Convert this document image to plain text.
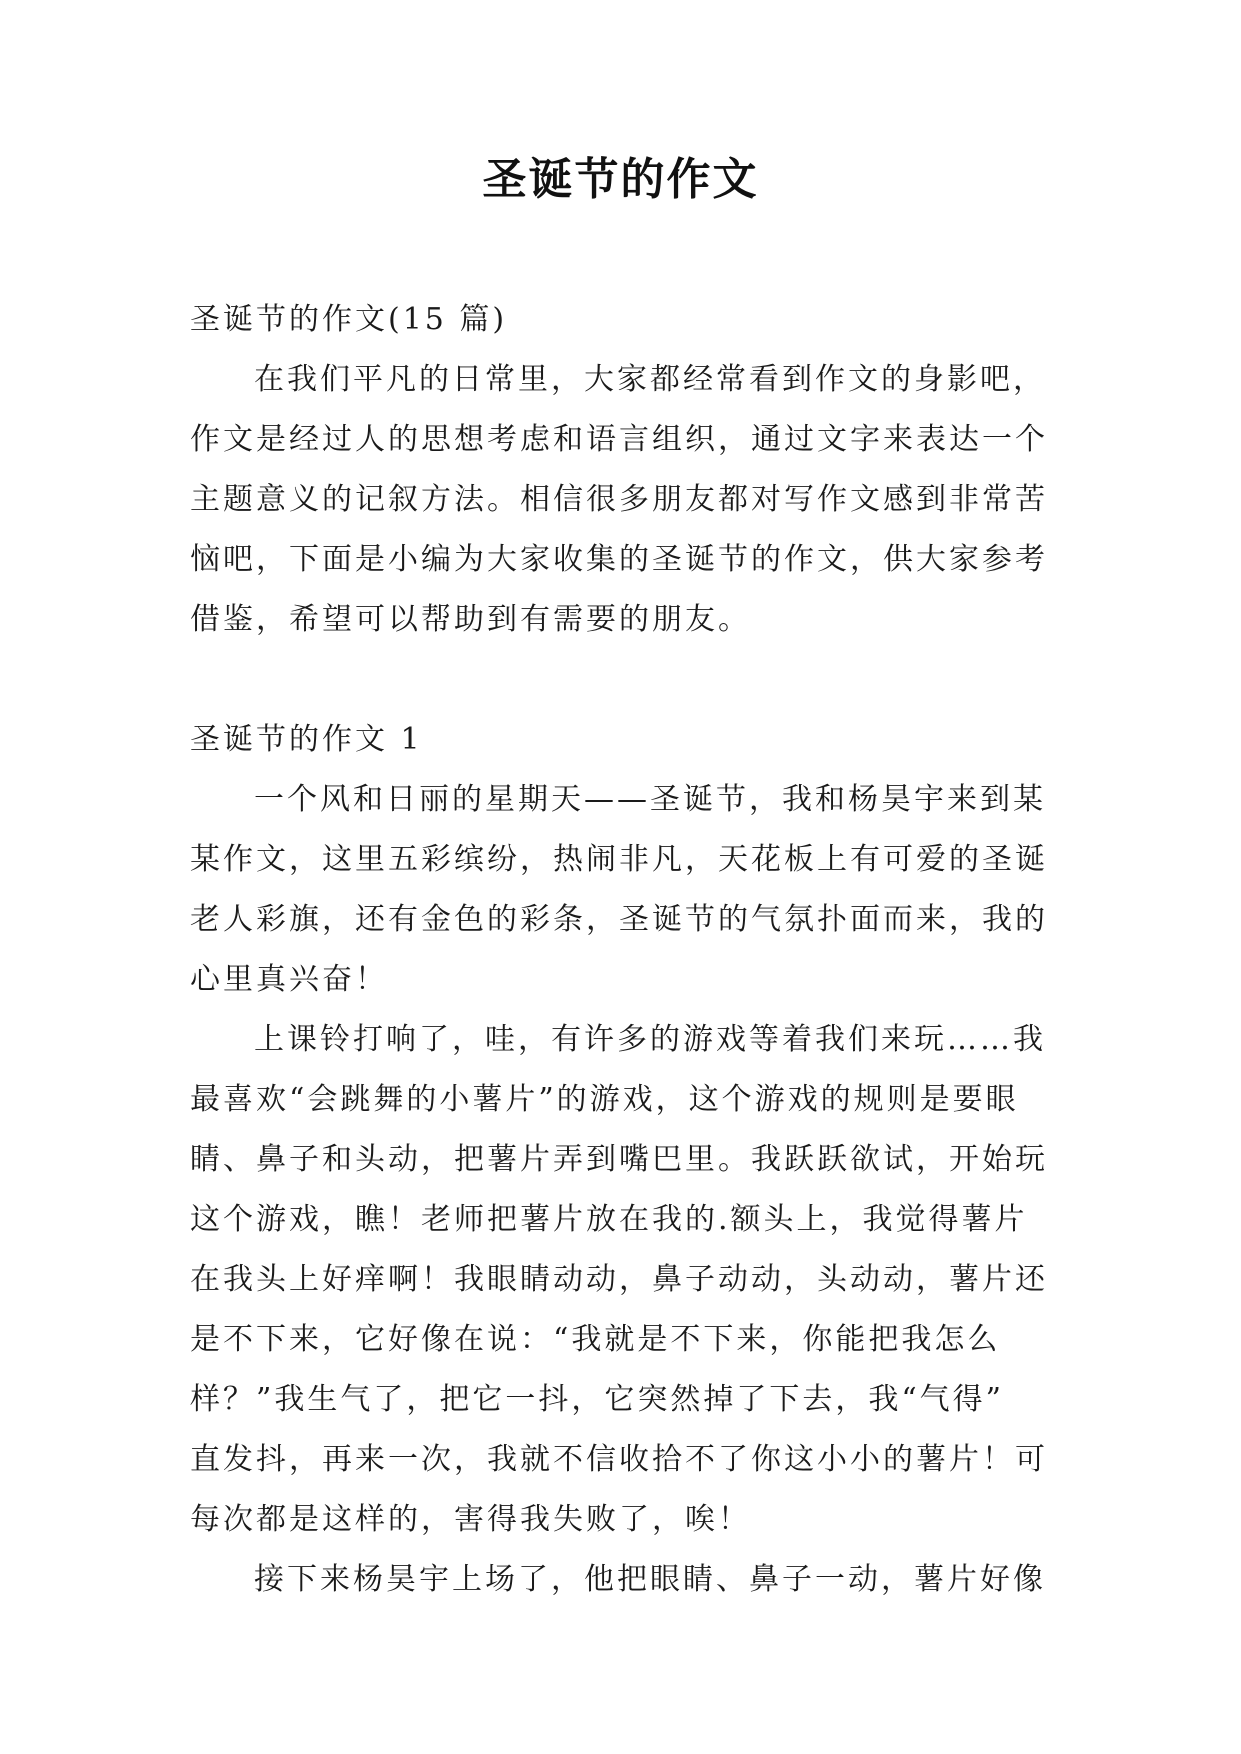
圣诞节的作文

圣诞节的作文(15 篇)

在我们平凡的日常里，大家都经常看到作文的身影吧，

作文是经过人的思想考虑和语言组织，通过文字来表达一个

主题意义的记叙方法。相信很多朋友都对写作文感到非常苦

恼吧，下面是小编为大家收集的圣诞节的作文，供大家参考

借鉴，希望可以帮助到有需要的朋友。

圣诞节的作文 1

一个风和日丽的星期天——圣诞节，我和杨昊宇来到某

某作文，这里五彩缤纷，热闹非凡，天花板上有可爱的圣诞

老人彩旗，还有金色的彩条，圣诞节的气氛扑面而来，我的

心里真兴奋！

上课铃打响了，哇，有许多的游戏等着我们来玩……我

最喜欢“会跳舞的小薯片”的游戏，这个游戏的规则是要眼

睛、鼻子和头动，把薯片弄到嘴巴里。我跃跃欲试，开始玩

这个游戏，瞧！老师把薯片放在我的.额头上，我觉得薯片

在我头上好痒啊！我眼睛动动，鼻子动动，头动动，薯片还

是不下来，它好像在说：“我就是不下来，你能把我怎么

样？”我生气了，把它一抖，它突然掉了下去，我“气得”

直发抖，再来一次，我就不信收拾不了你这小小的薯片！可

每次都是这样的，害得我失败了，唉！

接下来杨昊宇上场了，他把眼睛、鼻子一动，薯片好像
